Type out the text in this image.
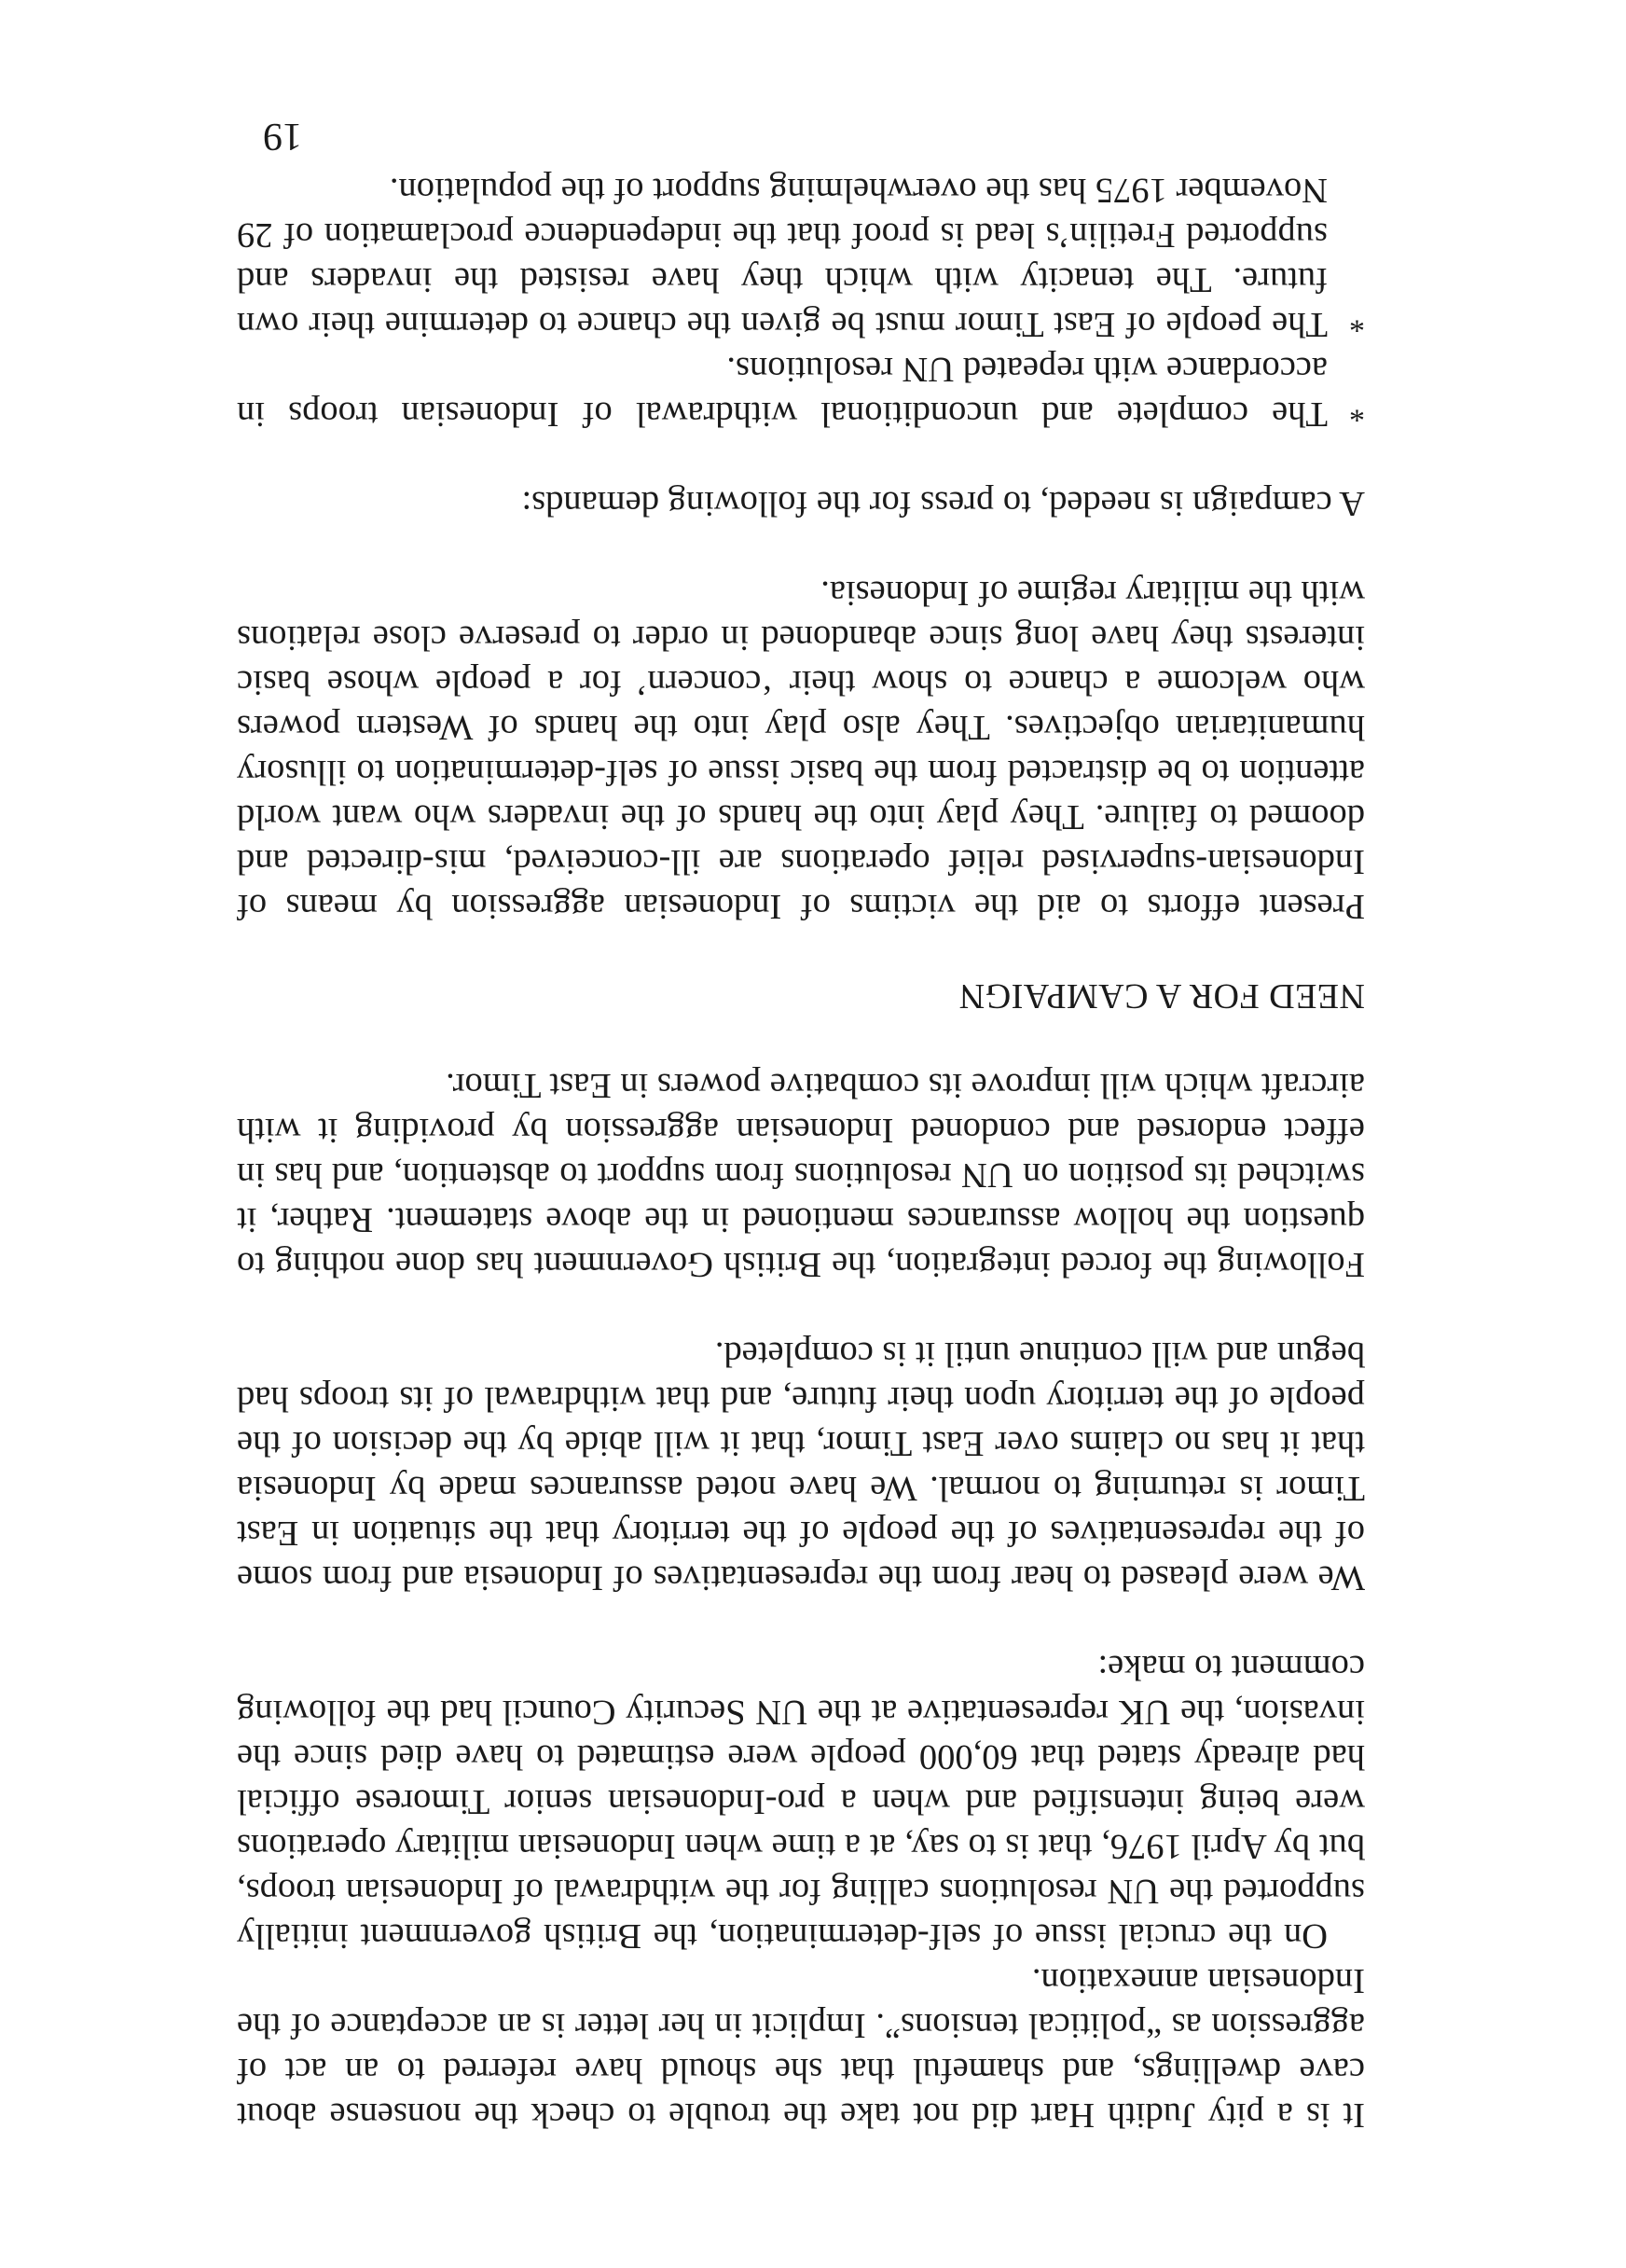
It is a pity Judith Hart did not take the trouble to check the nonsense about cave dwellings, and shameful that she should have referred to an act of aggression as “political tensions”. Implicit in her letter is an acceptance of the Indonesian annexation.

On the crucial issue of self-determination, the British government initially supported the UN resolutions calling for the withdrawal of Indonesian troops, but by April 1976, that is to say, at a time when Indonesian military operations were being intensified and when a pro-Indonesian senior Timorese official had already stated that 60,000 people were estimated to have died since the invasion, the UK representative at the UN Security Council had the following comment to make:

We were pleased to hear from the representatives of Indonesia and from some of the representatives of the people of the territory that the situation in East Timor is returning to normal. We have noted assurances made by Indonesia that it has no claims over East Timor, that it will abide by the decision of the people of the territory upon their future, and that withdrawal of its troops had begun and will continue until it is completed.

Following the forced integration, the British Government has done nothing to question the hollow assurances mentioned in the above statement. Rather, it switched its position on UN resolutions from support to abstention, and has in effect endorsed and condoned Indonesian aggression by providing it with aircraft which will improve its combative powers in East Timor.

NEED FOR A CAMPAIGN

Present efforts to aid the victims of Indonesian aggression by means of Indonesian-supervised relief operations are ill-conceived, mis-directed and doomed to failure. They play into the hands of the invaders who want world attention to be distracted from the basic issue of self-determination to illusory humanitarian objectives. They also play into the hands of Western powers who welcome a chance to show their ‘concern’ for a people whose basic interests they have long since abandoned in order to preserve close relations with the military regime of Indonesia.

A campaign is needed, to press for the following demands:

*
The complete and unconditional withdrawal of Indonesian troops in accordance with repeated UN resolutions.
*
The people of East Timor must be given the chance to determine their own future. The tenacity with which they have resisted the invaders and supported Fretilin’s lead is proof that the independence proclamation of 29 November 1975 has the overwhelming support of the population.
19
